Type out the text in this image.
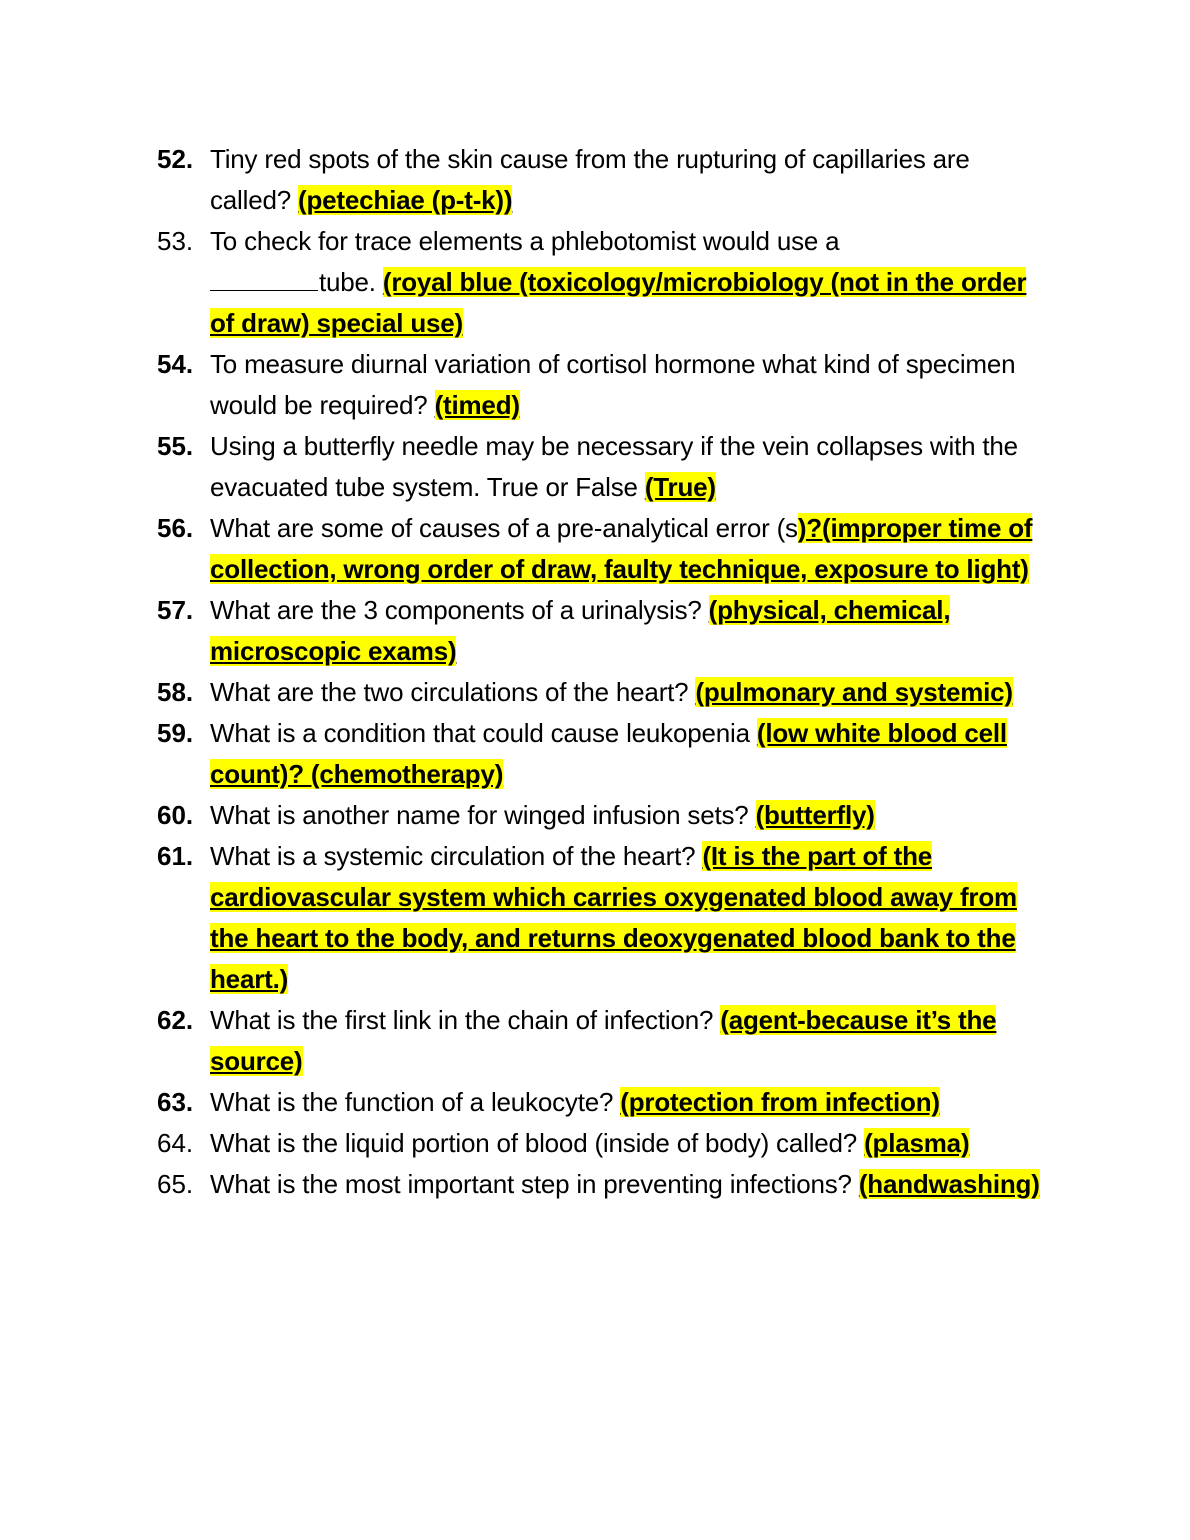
52. Tiny red spots of the skin cause from the rupturing of capillaries are called? (petechiae (p-t-k))
53. To check for trace elements a phlebotomist would use a
tube. (royal blue (toxicology/microbiology (not in the order of draw) special use)
54. To measure diurnal variation of cortisol hormone what kind of specimen would be required? (timed)
55. Using a butterfly needle may be necessary if the vein collapses with the evacuated tube system. True or False (True)
56. What are some of causes of a pre-analytical error (s)?(improper time of collection, wrong order of draw, faulty technique, exposure to light)
57. What are the 3 components of a urinalysis? (physical, chemical, microscopic exams)
58. What are the two circulations of the heart? (pulmonary and systemic)
59. What is a condition that could cause leukopenia (low white blood cell count)? (chemotherapy)
60. What is another name for winged infusion sets? (butterfly)
61. What is a systemic circulation of the heart? (It is the part of the cardiovascular system which carries oxygenated blood away from the heart to the body, and returns deoxygenated blood bank to the heart.)
62. What is the first link in the chain of infection? (agent-because it’s the source)
63. What is the function of a leukocyte? (protection from infection)
64. What is the liquid portion of blood (inside of body) called? (plasma)
65. What is the most important step in preventing infections? (handwashing)
